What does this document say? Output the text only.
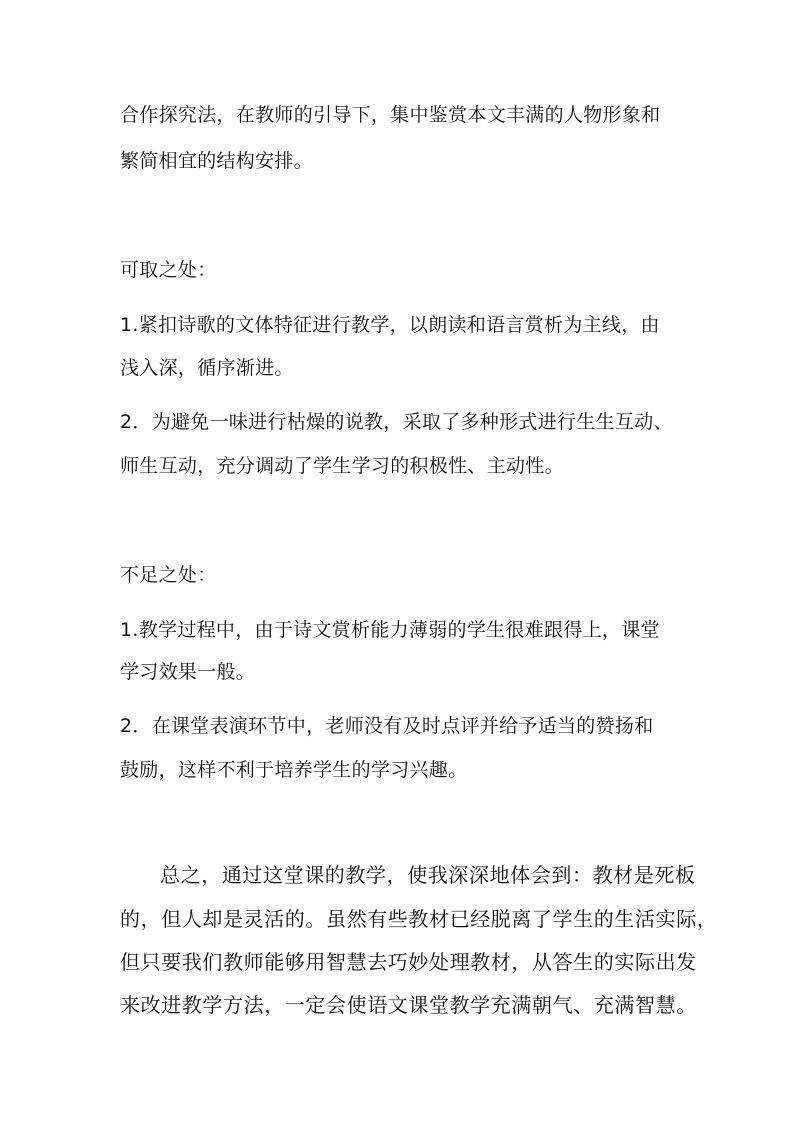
合作探究法，在教师的引导下，集中鉴赏本文丰满的人物形象和
繁简相宜的结构安排。
可取之处：
1.紧扣诗歌的文体特征进行教学，以朗读和语言赏析为主线，由
浅入深，循序渐进。
2．为避免一味进行枯燥的说教，采取了多种形式进行生生互动、
师生互动，充分调动了学生学习的积极性、主动性。
不足之处：
1.教学过程中，由于诗文赏析能力薄弱的学生很难跟得上，课堂
学习效果一般。
2．在课堂表演环节中，老师没有及时点评并给予适当的赞扬和
鼓励，这样不利于培养学生的学习兴趣。
总之，通过这堂课的教学，使我深深地体会到：教材是死板
的，但人却是灵活的。虽然有些教材已经脱离了学生的生活实际，
但只要我们教师能够用智慧去巧妙处理教材，从答生的实际出发
来改进教学方法，一定会使语文课堂教学充满朝气、充满智慧。
